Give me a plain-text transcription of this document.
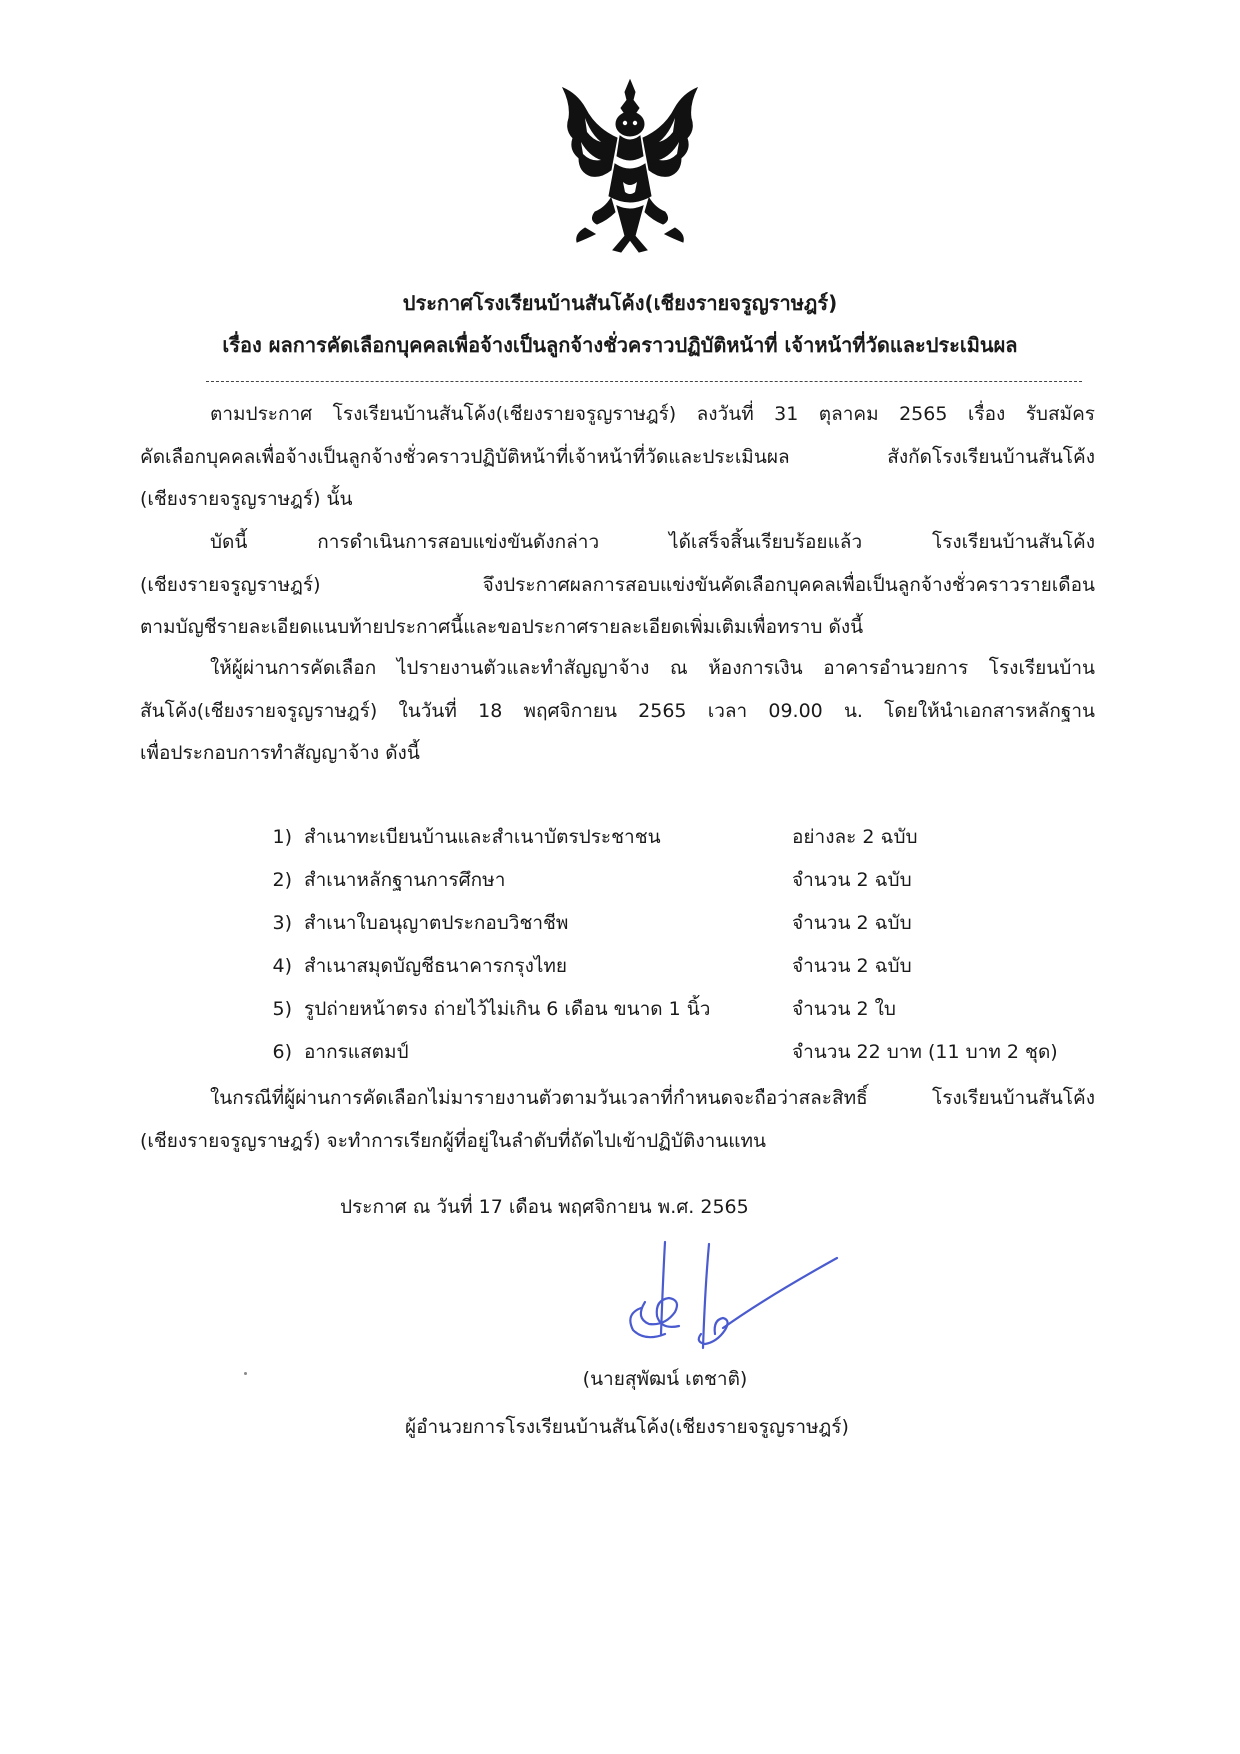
ประกาศโรงเรียนบ้านสันโค้ง(เชียงรายจรูญราษฎร์)
เรื่อง ผลการคัดเลือกบุคคลเพื่อจ้างเป็นลูกจ้างชั่วคราวปฏิบัติหน้าที่ เจ้าหน้าที่วัดและประเมินผล
ตามประกาศ โรงเรียนบ้านสันโค้ง(เชียงรายจรูญราษฎร์) ลงวันที่ 31 ตุลาคม 2565 เรื่อง รับสมัคร
คัดเลือกบุคคลเพื่อจ้างเป็นลูกจ้างชั่วคราวปฏิบัติหน้าที่เจ้าหน้าที่วัดและประเมินผล สังกัดโรงเรียนบ้านสันโค้ง
(เชียงรายจรูญราษฎร์) นั้น
บัดนี้ การดำเนินการสอบแข่งขันดังกล่าว ได้เสร็จสิ้นเรียบร้อยแล้ว โรงเรียนบ้านสันโค้ง
(เชียงรายจรูญราษฎร์) จึงประกาศผลการสอบแข่งขันคัดเลือกบุคคลเพื่อเป็นลูกจ้างชั่วคราวรายเดือน
ตามบัญชีรายละเอียดแนบท้ายประกาศนี้และขอประกาศรายละเอียดเพิ่มเติมเพื่อทราบ ดังนี้
ให้ผู้ผ่านการคัดเลือก ไปรายงานตัวและทำสัญญาจ้าง ณ ห้องการเงิน อาคารอำนวยการ โรงเรียนบ้าน
สันโค้ง(เชียงรายจรูญราษฎร์) ในวันที่ 18 พฤศจิกายน 2565 เวลา 09.00 น. โดยให้นำเอกสารหลักฐาน
เพื่อประกอบการทำสัญญาจ้าง ดังนี้
1) สำเนาทะเบียนบ้านและสำเนาบัตรประชาชน	อย่างละ 2 ฉบับ
2) สำเนาหลักฐานการศึกษา	จำนวน 2 ฉบับ
3) สำเนาใบอนุญาตประกอบวิชาชีพ	จำนวน 2 ฉบับ
4) สำเนาสมุดบัญชีธนาคารกรุงไทย	จำนวน 2 ฉบับ
5) รูปถ่ายหน้าตรง ถ่ายไว้ไม่เกิน 6 เดือน ขนาด 1 นิ้ว	จำนวน 2 ใบ
6) อากรแสตมป์	จำนวน 22 บาท (11 บาท 2 ชุด)
ในกรณีที่ผู้ผ่านการคัดเลือกไม่มารายงานตัวตามวันเวลาที่กำหนดจะถือว่าสละสิทธิ์ โรงเรียนบ้านสันโค้ง
(เชียงรายจรูญราษฎร์) จะทำการเรียกผู้ที่อยู่ในลำดับที่ถัดไปเข้าปฏิบัติงานแทน
ประกาศ ณ วันที่ 17 เดือน พฤศจิกายน พ.ศ. 2565
(นายสุพัฒน์ เตชาติ)
ผู้อำนวยการโรงเรียนบ้านสันโค้ง(เชียงรายจรูญราษฎร์)
